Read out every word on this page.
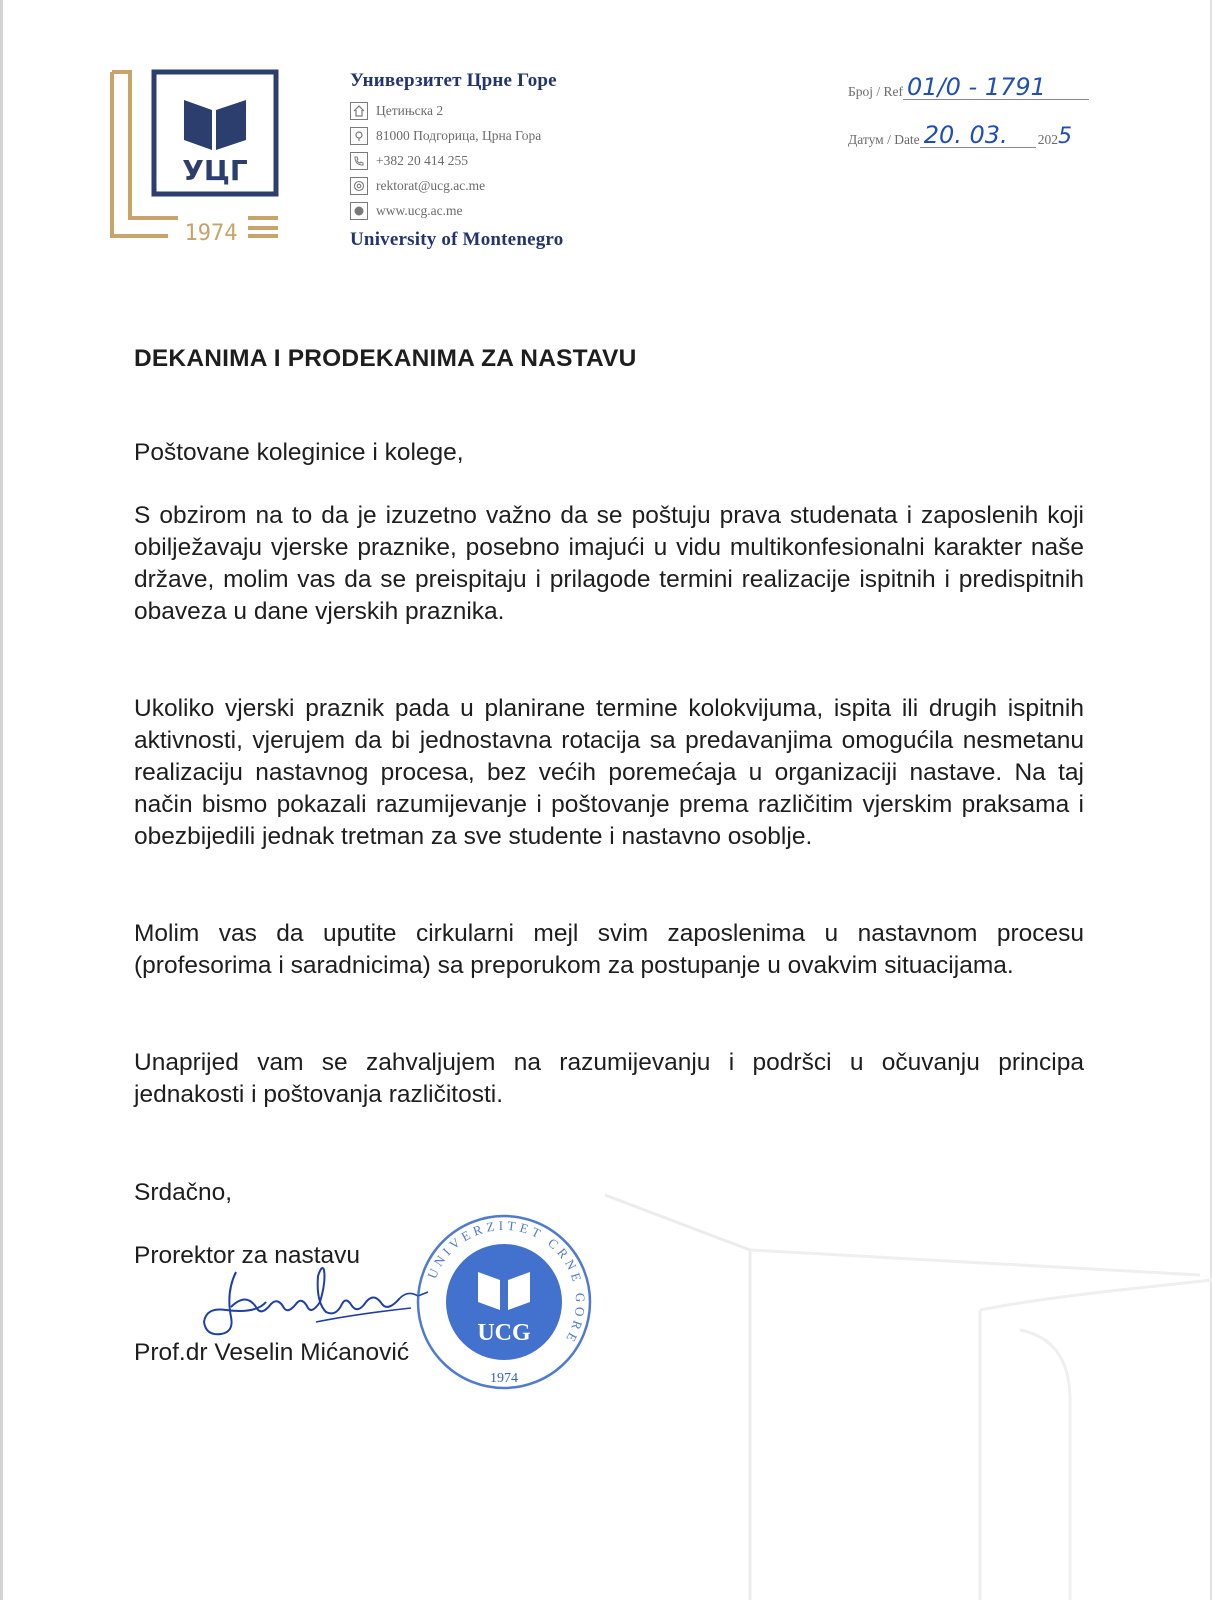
УЦГ
1974
Универзитет Црне Горе
Цетињска 2
81000 Подгорица, Црна Гора
+382 20 414 255
rektorat@ucg.ac.me
www.ucg.ac.me
University of Montenegro
Број / Ref 01/0 - 1791
Датум / Date 20. 03.	202 5
DEKANIMA I PRODEKANIMA ZA NASTAVU
Poštovane koleginice i kolege,

S obzirom na to da je izuzetno važno da se poštuju prava studenata i zaposlenih koji obilježavaju vjerske praznike, posebno imajući u vidu multikonfesionalni karakter naše države, molim vas da se preispitaju i prilagode termini realizacije ispitnih i predispitnih obaveza u dane vjerskih praznika.

Ukoliko vjerski praznik pada u planirane termine kolokvijuma, ispita ili drugih ispitnih aktivnosti, vjerujem da bi jednostavna rotacija sa predavanjima omogućila nesmetanu realizaciju nastavnog procesa, bez većih poremećaja u organizaciji nastave. Na taj način bismo pokazali razumijevanje i poštovanje prema različitim vjerskim praksama i obezbijedili jednak tretman za sve studente i nastavno osoblje.

Molim vas da uputite cirkularni mejl svim zaposlenima u nastavnom procesu (profesorima i saradnicima) sa preporukom za postupanje u ovakvim situacijama.

Unaprijed vam se zahvaljujem na razumijevanju i podršci u očuvanju principa jednakosti i poštovanja različitosti.

Srdačno,
Prorektor za nastavu
Prof.dr Veselin Mićanović
UNIVERZITET CRNE GORE
UCG
1974
